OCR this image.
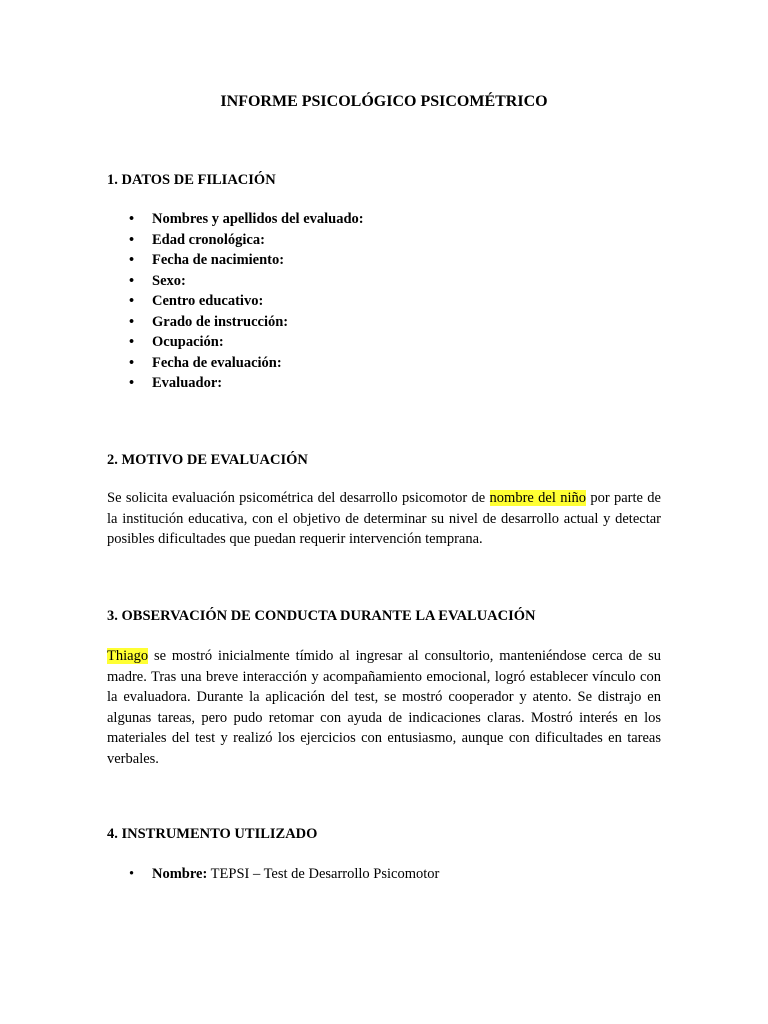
INFORME PSICOLÓGICO PSICOMÉTRICO
1. DATOS DE FILIACIÓN
• Nombres y apellidos del evaluado:
• Edad cronológica:
• Fecha de nacimiento:
• Sexo:
• Centro educativo:
• Grado de instrucción:
• Ocupación:
• Fecha de evaluación:
• Evaluador:
2. MOTIVO DE EVALUACIÓN

Se solicita evaluación psicométrica del desarrollo psicomotor de nombre del niño por parte de la institución educativa, con el objetivo de determinar su nivel de desarrollo actual y detectar posibles dificultades que puedan requerir intervención temprana.

3. OBSERVACIÓN DE CONDUCTA DURANTE LA EVALUACIÓN

Thiago se mostró inicialmente tímido al ingresar al consultorio, manteniéndose cerca de su madre. Tras una breve interacción y acompañamiento emocional, logró establecer vínculo con la evaluadora. Durante la aplicación del test, se mostró cooperador y atento. Se distrajo en algunas tareas, pero pudo retomar con ayuda de indicaciones claras. Mostró interés en los materiales del test y realizó los ejercicios con entusiasmo, aunque con dificultades en tareas verbales.

4. INSTRUMENTO UTILIZADO
• Nombre: TEPSI – Test de Desarrollo Psicomotor
